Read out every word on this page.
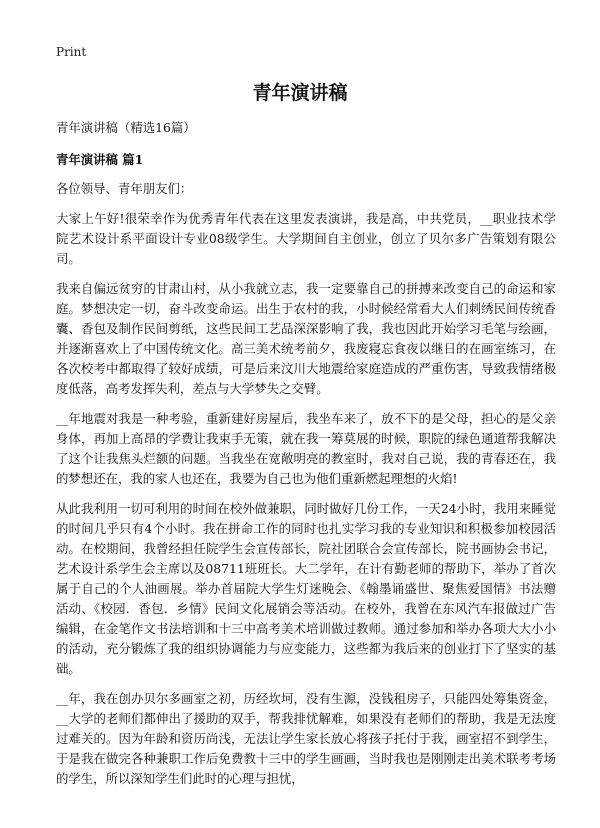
Print
青年演讲稿

青年演讲稿（精选16篇）

青年演讲稿 篇1

各位领导、青年朋友们：

大家上午好!很荣幸作为优秀青年代表在这里发表演讲，我是高，中共党员，__职业技术学院艺术设计系平面设计专业08级学生。大学期间自主创业，创立了贝尔多广告策划有限公司。

我来自偏远贫穷的甘肃山村，从小我就立志，我一定要靠自己的拼搏来改变自己的命运和家庭。梦想决定一切，奋斗改变命运。出生于农村的我，小时候经常看大人们刺绣民间传统香囊、香包及制作民间剪纸，这些民间工艺品深深影响了我，我也因此开始学习毛笔与绘画，并逐渐喜欢上了中国传统文化。高三美术统考前夕，我废寝忘食夜以继日的在画室练习，在各次校考中都取得了较好成绩，可是后来汶川大地震给家庭造成的严重伤害，导致我情绪极度低落，高考发挥失利，差点与大学梦失之交臂。

__年地震对我是一种考验，重新建好房屋后，我坐车来了，放不下的是父母，担心的是父亲身体，再加上高昂的学费让我束手无策，就在我一筹莫展的时候，职院的绿色通道帮我解决了这个让我焦头烂额的问题。当我坐在宽敞明亮的教室时，我对自己说，我的青春还在，我的梦想还在，我的家人也还在，我要为自己也为他们重新燃起理想的火焰!

从此我利用一切可利用的时间在校外做兼职，同时做好几份工作，一天24小时，我用来睡觉的时间几乎只有4个小时。我在拼命工作的同时也扎实学习我的专业知识和积极参加校园活动。在校期间，我曾经担任院学生会宣传部长，院社团联合会宣传部长，院书画协会书记，艺术设计系学生会主席以及08711班班长。大二学年，在计有勤老师的帮助下，举办了首次属于自己的个人油画展。举办首届院大学生灯迷晚会、《翰墨诵盛世、聚焦爱国情》书法赠活动、《校园．香包．乡情》民间文化展销会等活动。在校外，我曾在东风汽车报做过广告编辑，在金笔作文书法培训和十三中高考美术培训做过教师。通过参加和举办各项大大小小的活动，充分锻炼了我的组织协调能力与应变能力，这些都为我后来的创业打下了坚实的基础。

__年，我在创办贝尔多画室之初，历经坎坷，没有生源，没钱租房子，只能四处筹集资金，__大学的老师们都伸出了援助的双手，帮我排忧解难，如果没有老师们的帮助，我是无法度过难关的。因为年龄和资历尚浅，无法让学生家长放心将孩子托付于我，画室招不到学生，于是我在做完各种兼职工作后免费教十三中的学生画画，当时我也是刚刚走出美术联考考场的学生，所以深知学生们此时的心理与担忧，
